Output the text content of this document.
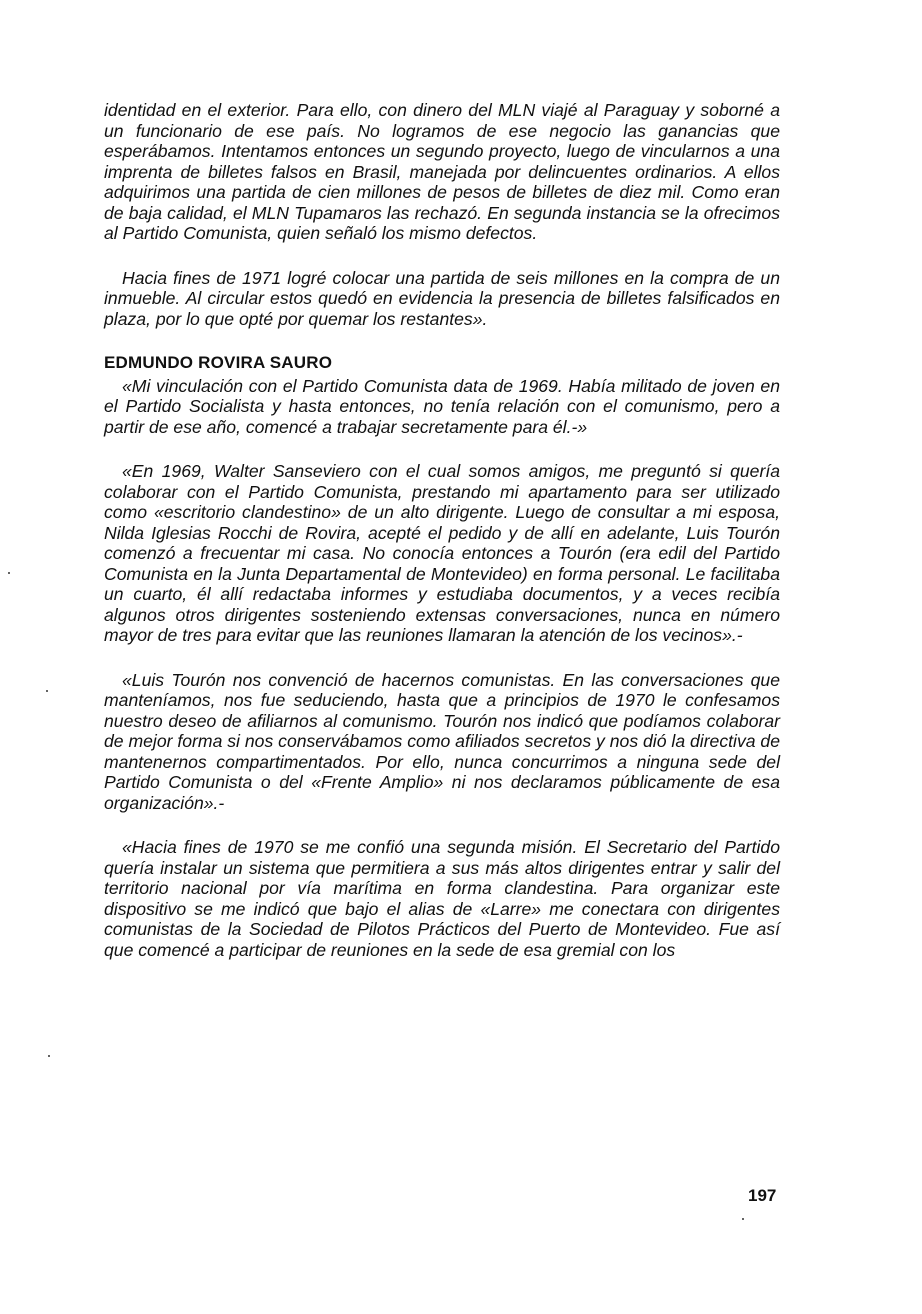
identidad en el exterior. Para ello, con dinero del MLN viajé al Paraguay y soborné a un funcionario de ese país. No logramos de ese negocio las ganancias que esperábamos. Intentamos entonces un segundo proyecto, luego de vincularnos a una imprenta de billetes falsos en Brasil, manejada por delincuentes ordinarios. A ellos adquirimos una partida de cien millones de pesos de billetes de diez mil. Como eran de baja calidad, el MLN Tupamaros las rechazó. En segunda instancia se la ofrecimos al Partido Comunista, quien señaló los mismo defectos.

Hacia fines de 1971 logré colocar una partida de seis millones en la compra de un inmueble. Al circular estos quedó en evidencia la presencia de billetes falsificados en plaza, por lo que opté por quemar los restantes».

EDMUNDO ROVIRA SAURO

«Mi vinculación con el Partido Comunista data de 1969. Había militado de joven en el Partido Socialista y hasta entonces, no tenía relación con el comunismo, pero a partir de ese año, comencé a trabajar secretamente para él.-»

«En 1969, Walter Sanseviero con el cual somos amigos, me preguntó si quería colaborar con el Partido Comunista, prestando mi apartamento para ser utilizado como «escritorio clandestino» de un alto dirigente. Luego de consultar a mi esposa, Nilda Iglesias Rocchi de Rovira, acepté el pedido y de allí en adelante, Luis Tourón comenzó a frecuentar mi casa. No conocía entonces a Tourón (era edil del Partido Comunista en la Junta Departamental de Montevideo) en forma personal. Le facilitaba un cuarto, él allí redactaba informes y estudiaba documentos, y a veces recibía algunos otros dirigentes sosteniendo extensas conversaciones, nunca en número mayor de tres para evitar que las reuniones llamaran la atención de los vecinos».-

«Luis Tourón nos convenció de hacernos comunistas. En las conversaciones que manteníamos, nos fue seduciendo, hasta que a principios de 1970 le confesamos nuestro deseo de afiliarnos al comunismo. Tourón nos indicó que podíamos colaborar de mejor forma si nos conservábamos como afiliados secretos y nos dió la directiva de mantenernos compartimentados. Por ello, nunca concurrimos a ninguna sede del Partido Comunista o del «Frente Amplio» ni nos declaramos públicamente de esa organización».-

«Hacia fines de 1970 se me confió una segunda misión. El Secretario del Partido quería instalar un sistema que permitiera a sus más altos dirigentes entrar y salir del territorio nacional por vía marítima en forma clandestina. Para organizar este dispositivo se me indicó que bajo el alias de «Larre» me conectara con dirigentes comunistas de la Sociedad de Pilotos Prácticos del Puerto de Montevideo. Fue así que comencé a participar de reuniones en la sede de esa gremial con los

197
